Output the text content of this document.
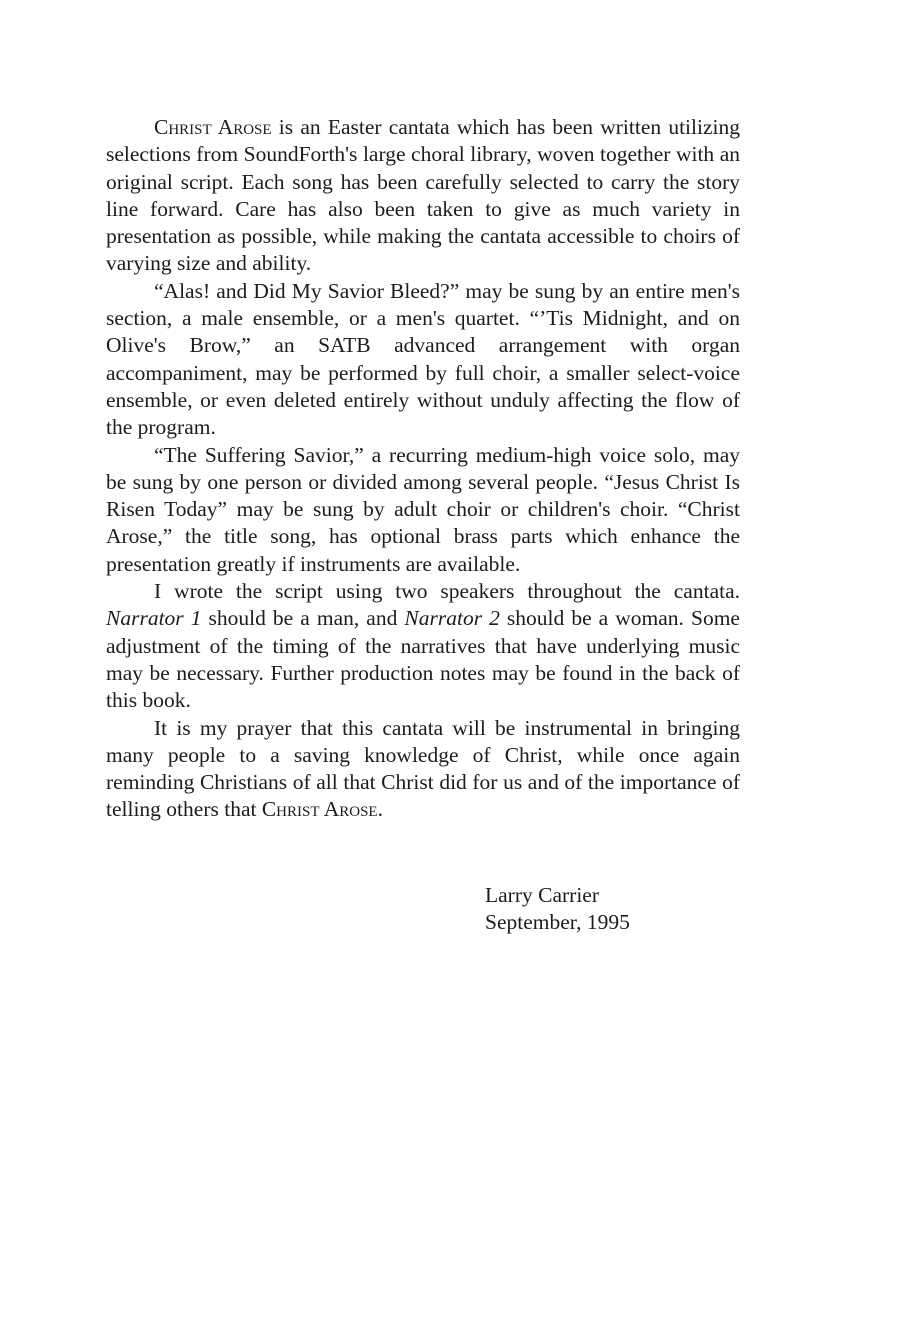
Christ Arose is an Easter cantata which has been written utilizing selections from SoundForth's large choral library, woven together with an original script. Each song has been carefully selected to carry the story line forward. Care has also been taken to give as much variety in presentation as possible, while making the cantata accessible to choirs of varying size and ability.

“Alas! and Did My Savior Bleed?” may be sung by an entire men's section, a male ensemble, or a men's quartet. “’Tis Midnight, and on Olive's Brow,” an SATB advanced arrangement with organ accompaniment, may be performed by full choir, a smaller select-voice ensemble, or even deleted entirely without unduly affecting the flow of the program.

“The Suffering Savior,” a recurring medium-high voice solo, may be sung by one person or divided among several people. “Jesus Christ Is Risen Today” may be sung by adult choir or children's choir. “Christ Arose,” the title song, has optional brass parts which enhance the presentation greatly if instruments are available.

I wrote the script using two speakers throughout the cantata. Narrator 1 should be a man, and Narrator 2 should be a woman. Some adjustment of the timing of the narratives that have underlying music may be necessary. Further production notes may be found in the back of this book.

It is my prayer that this cantata will be instrumental in bringing many people to a saving knowledge of Christ, while once again reminding Christians of all that Christ did for us and of the importance of telling others that Christ Arose.

Larry Carrier
September, 1995
